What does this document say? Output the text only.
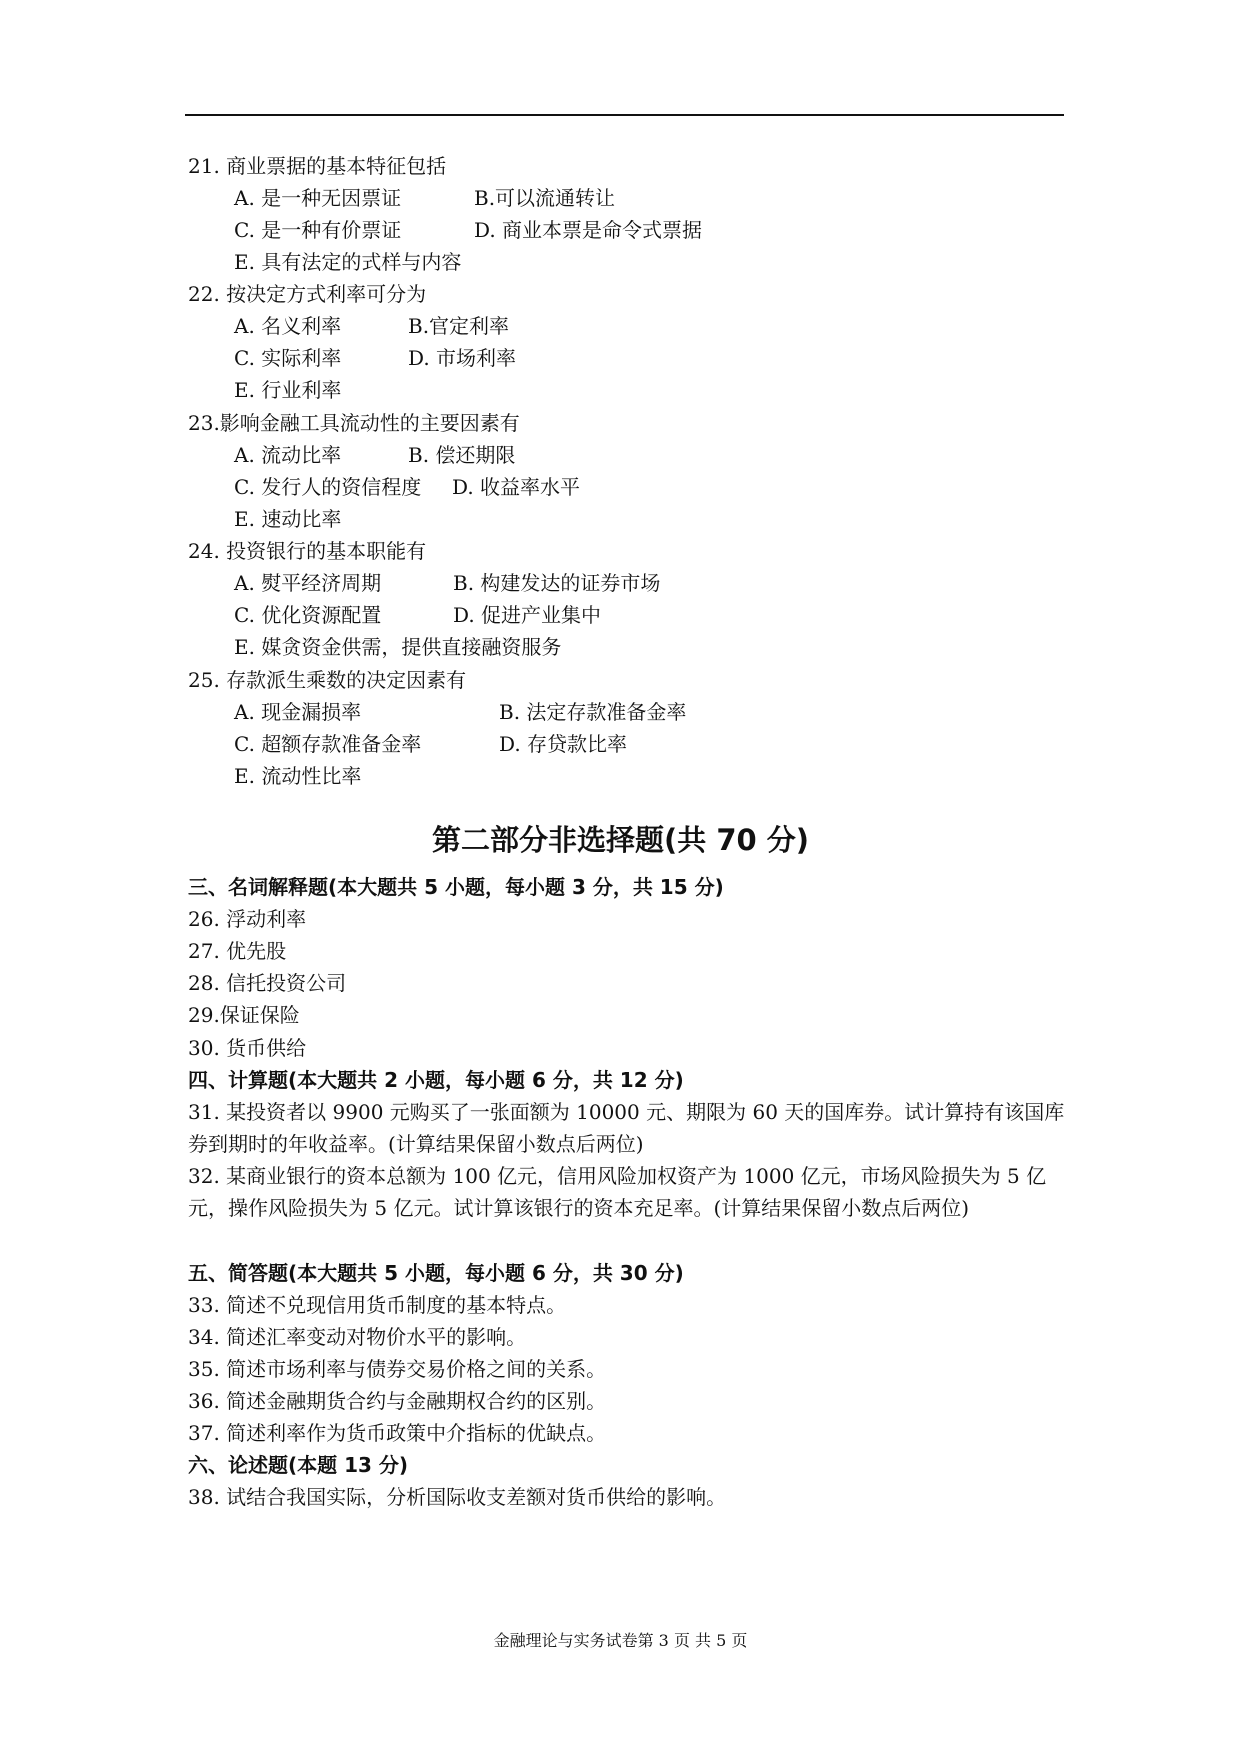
21. 商业票据的基本特征包括
A. 是一种无因票证	B.可以流通转让
C. 是一种有价票证	D. 商业本票是命令式票据
E. 具有法定的式样与内容
22. 按决定方式利率可分为
A. 名义利率	B.官定利率
C. 实际利率	D. 市场利率
E. 行业利率
23.影响金融工具流动性的主要因素有
A. 流动比率	B. 偿还期限
C. 发行人的资信程度 D. 收益率水平
E. 速动比率
24. 投资银行的基本职能有
A. 熨平经济周期	B. 构建发达的证券市场
C. 优化资源配置	D. 促进产业集中
E. 媒贪资金供需，提供直接融资服务
25. 存款派生乘数的决定因素有
A. 现金漏损率	B. 法定存款准备金率
C. 超额存款准备金率	D. 存贷款比率
E. 流动性比率
第二部分非选择题(共 70 分)
三、名词解释题(本大题共 5 小题，每小题 3 分，共 15 分)
26. 浮动利率
27. 优先股
28. 信托投资公司
29.保证保险
30. 货币供给
四、计算题(本大题共 2 小题，每小题 6 分，共 12 分)
31. 某投资者以 9900 元购买了一张面额为 10000 元、期限为 60 天的国库券。试计算持有该国库券到期时的年收益率。(计算结果保留小数点后两位)
32. 某商业银行的资本总额为 100 亿元，信用风险加权资产为 1000 亿元，市场风险损失为 5 亿元，操作风险损失为 5 亿元。试计算该银行的资本充足率。(计算结果保留小数点后两位)
五、简答题(本大题共 5 小题，每小题 6 分，共 30 分)
33. 简述不兑现信用货币制度的基本特点。
34. 简述汇率变动对物价水平的影响。
35. 简述市场利率与债券交易价格之间的关系。
36. 简述金融期货合约与金融期权合约的区别。
37. 简述利率作为货币政策中介指标的优缺点。
六、论述题(本题 13 分)
38. 试结合我国实际，分析国际收支差额对货币供给的影响。
金融理论与实务试卷第 3 页 共 5 页
